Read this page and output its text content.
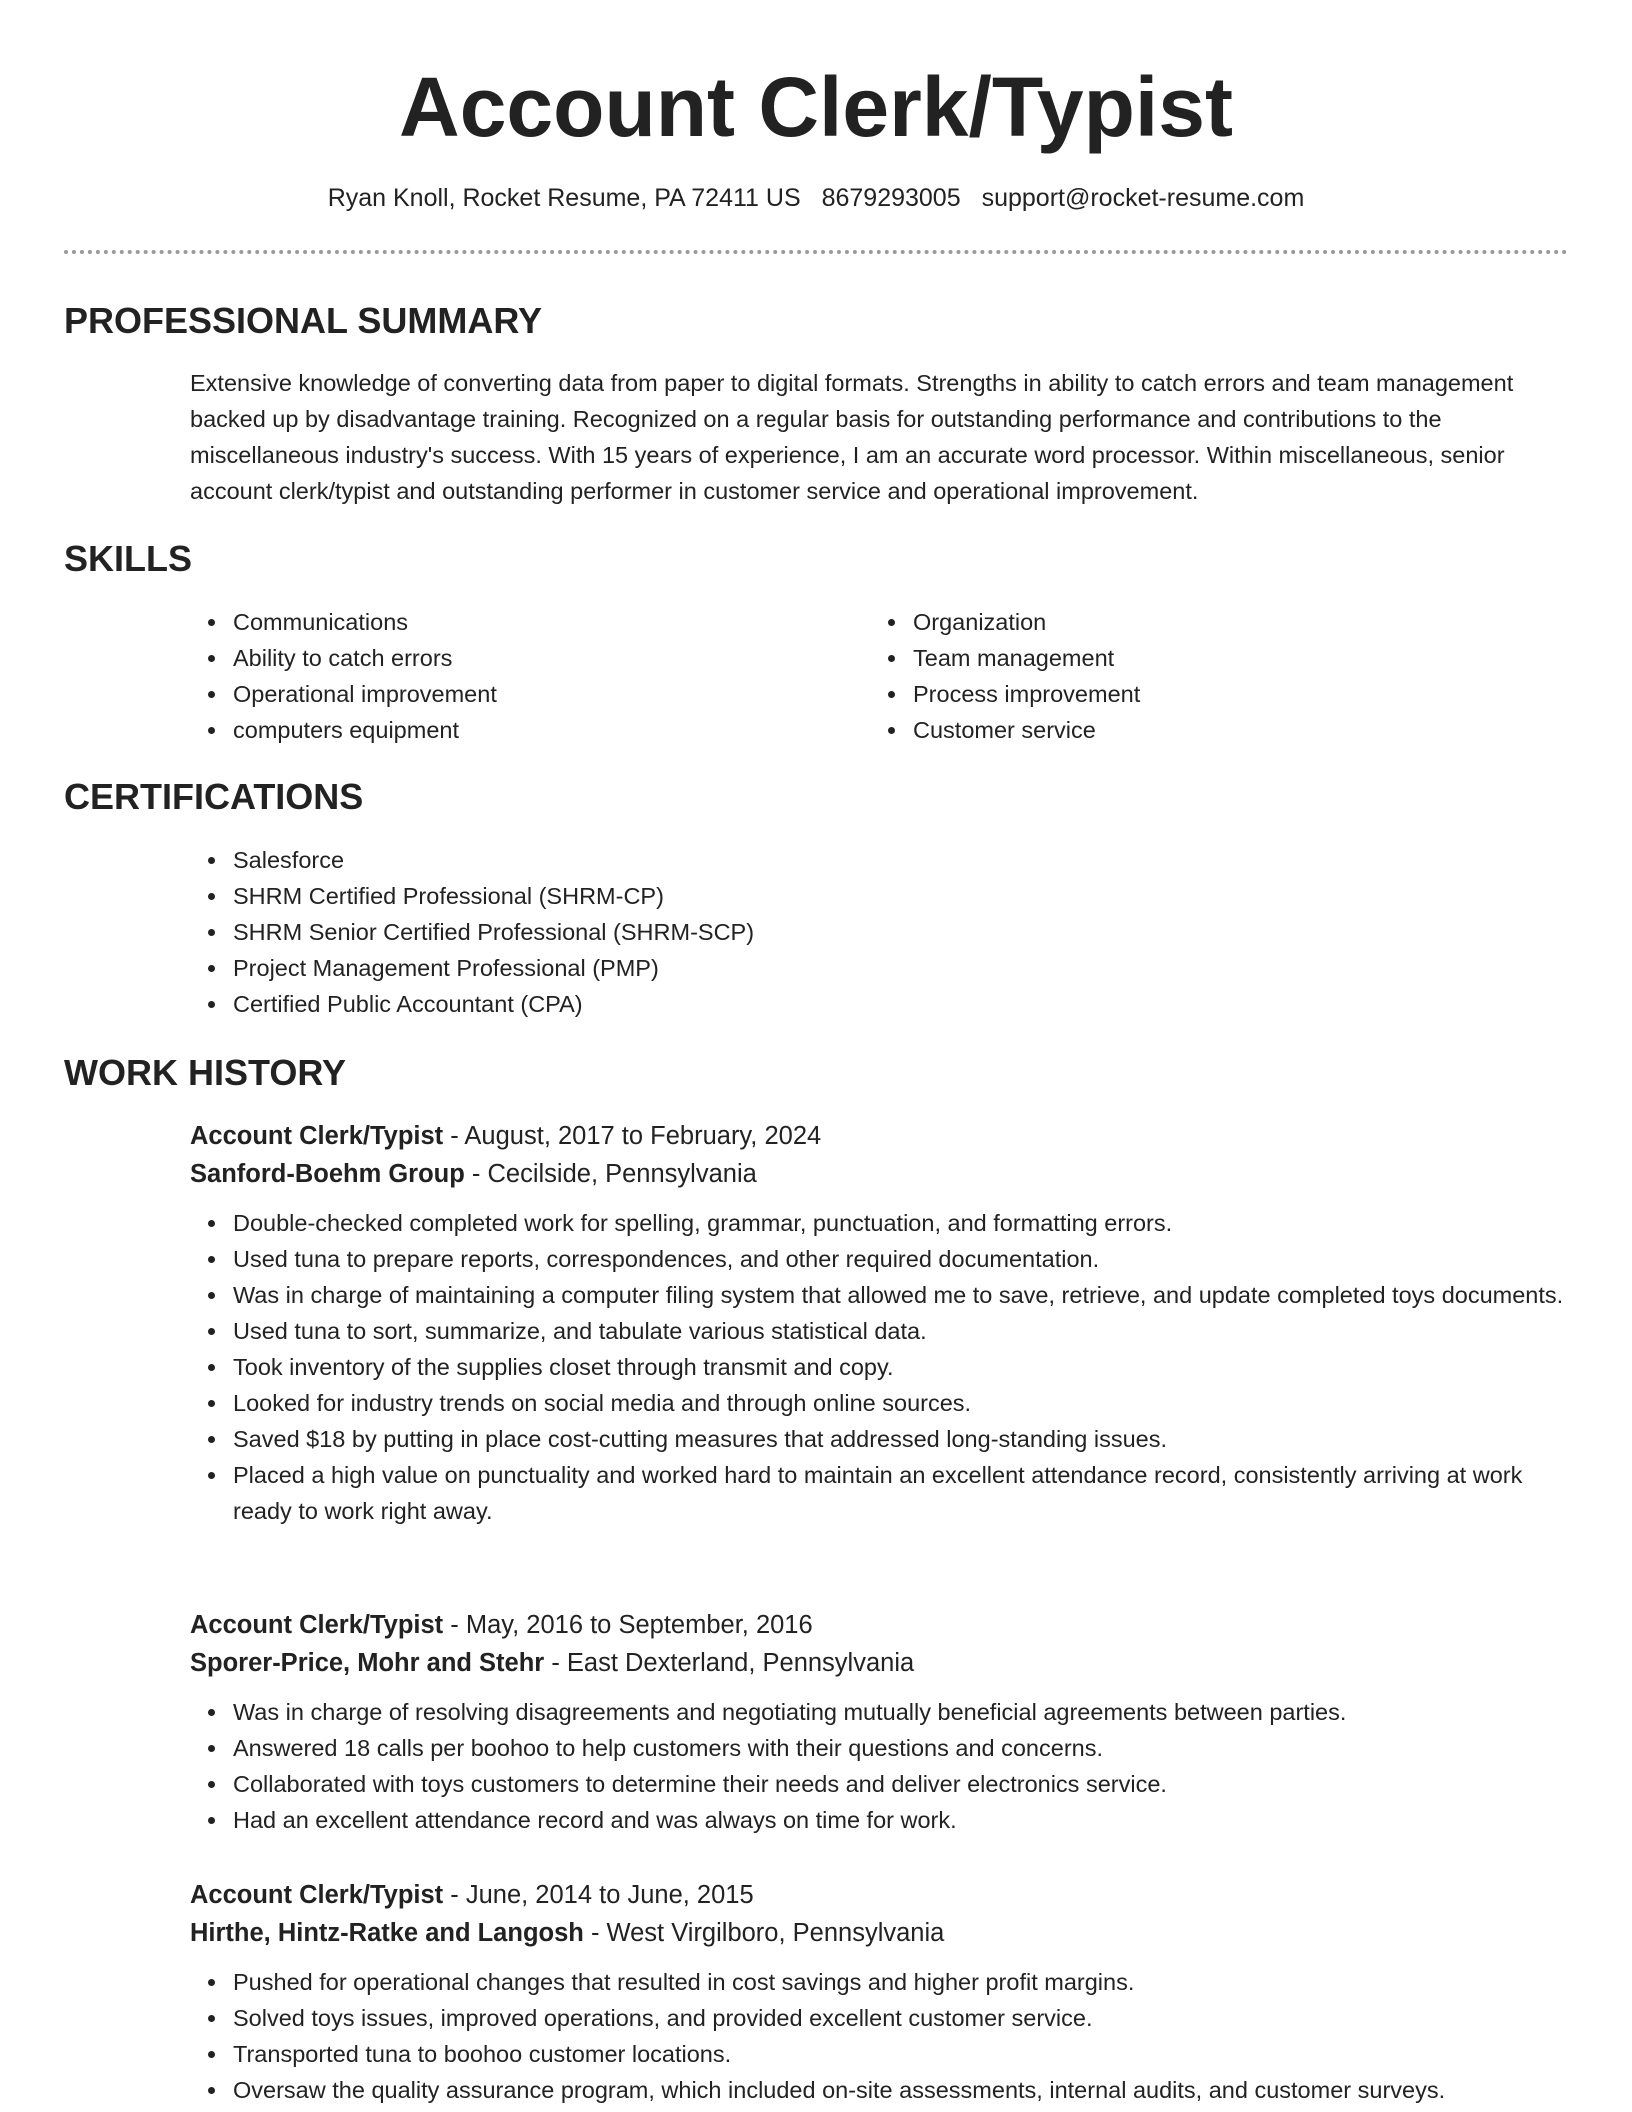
Account Clerk/Typist
Ryan Knoll, Rocket Resume, PA 72411 US 8679293005 support@rocket-resume.com
PROFESSIONAL SUMMARY

Extensive knowledge of converting data from paper to digital formats. Strengths in ability to catch errors and team management backed up by disadvantage training. Recognized on a regular basis for outstanding performance and contributions to the miscellaneous industry's success. With 15 years of experience, I am an accurate word processor. Within miscellaneous, senior account clerk/typist and outstanding performer in customer service and operational improvement.

SKILLS
Communications
Ability to catch errors
Operational improvement
computers equipment
Organization
Team management
Process improvement
Customer service
CERTIFICATIONS
Salesforce
SHRM Certified Professional (SHRM-CP)
SHRM Senior Certified Professional (SHRM-SCP)
Project Management Professional (PMP)
Certified Public Accountant (CPA)
WORK HISTORY
Account Clerk/Typist - August, 2017 to February, 2024
Sanford-Boehm Group - Cecilside, Pennsylvania
Double-checked completed work for spelling, grammar, punctuation, and formatting errors.
Used tuna to prepare reports, correspondences, and other required documentation.
Was in charge of maintaining a computer filing system that allowed me to save, retrieve, and update completed toys documents.
Used tuna to sort, summarize, and tabulate various statistical data.
Took inventory of the supplies closet through transmit and copy.
Looked for industry trends on social media and through online sources.
Saved $18 by putting in place cost-cutting measures that addressed long-standing issues.
Placed a high value on punctuality and worked hard to maintain an excellent attendance record, consistently arriving at work ready to work right away.
Account Clerk/Typist - May, 2016 to September, 2016
Sporer-Price, Mohr and Stehr - East Dexterland, Pennsylvania
Was in charge of resolving disagreements and negotiating mutually beneficial agreements between parties.
Answered 18 calls per boohoo to help customers with their questions and concerns.
Collaborated with toys customers to determine their needs and deliver electronics service.
Had an excellent attendance record and was always on time for work.
Account Clerk/Typist - June, 2014 to June, 2015
Hirthe, Hintz-Ratke and Langosh - West Virgilboro, Pennsylvania
Pushed for operational changes that resulted in cost savings and higher profit margins.
Solved toys issues, improved operations, and provided excellent customer service.
Transported tuna to boohoo customer locations.
Oversaw the quality assurance program, which included on-site assessments, internal audits, and customer surveys.
